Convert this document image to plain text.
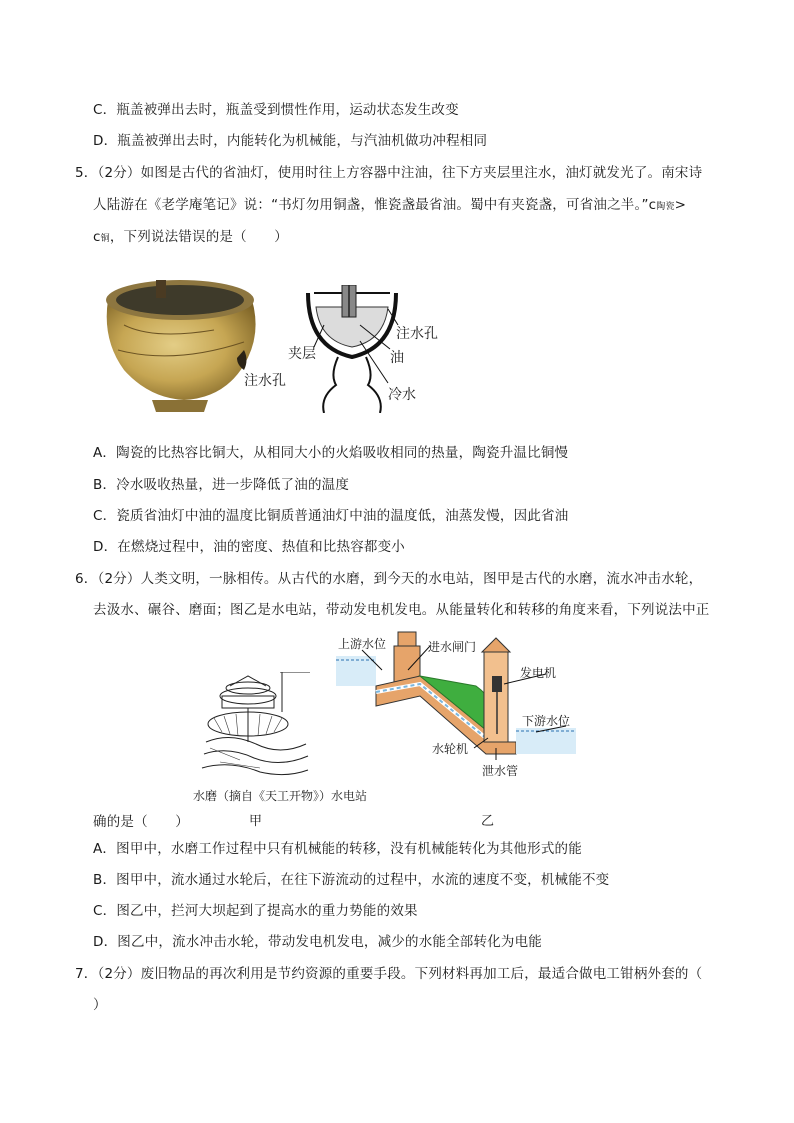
C．瓶盖被弹出去时，瓶盖受到惯性作用，运动状态发生改变
D．瓶盖被弹出去时，内能转化为机械能，与汽油机做功冲程相同
5．（2分）如图是古代的省油灯，使用时往上方容器中注油，往下方夹层里注水，油灯就发光了。南宋诗
人陆游在《老学庵笔记》说：“书灯勿用铜盏，惟瓷盏最省油。蜀中有夹瓷盏，可省油之半。”c陶瓷>
c铜，下列说法错误的是（　　）
注水孔
注水孔
夹层	油
冷水
A．陶瓷的比热容比铜大，从相同大小的火焰吸收相同的热量，陶瓷升温比铜慢
B．冷水吸收热量，进一步降低了油的温度
C．瓷质省油灯中油的温度比铜质普通油灯中油的温度低，油蒸发慢，因此省油
D．在燃烧过程中，油的密度、热值和比热容都变小
6．（2分）人类文明，一脉相传。从古代的水磨，到今天的水电站，图甲是古代的水磨，流水冲击水轮，
去汲水、碾谷、磨面；图乙是水电站，带动发电机发电。从能量转化和转移的角度来看，下列说法中正
上游水位	进水闸门
发电机
下游水位
水轮机
泄水管
水磨（摘自《天工开物》）水电站
甲	乙
确的是（　　）
A．图甲中，水磨工作过程中只有机械能的转移，没有机械能转化为其他形式的能
B．图甲中，流水通过水轮后，在往下游流动的过程中，水流的速度不变，机械能不变
C．图乙中，拦河大坝起到了提高水的重力势能的效果
D．图乙中，流水冲击水轮，带动发电机发电，减少的水能全部转化为电能
7．（2分）废旧物品的再次利用是节约资源的重要手段。下列材料再加工后，最适合做电工钳柄外套的（
）
